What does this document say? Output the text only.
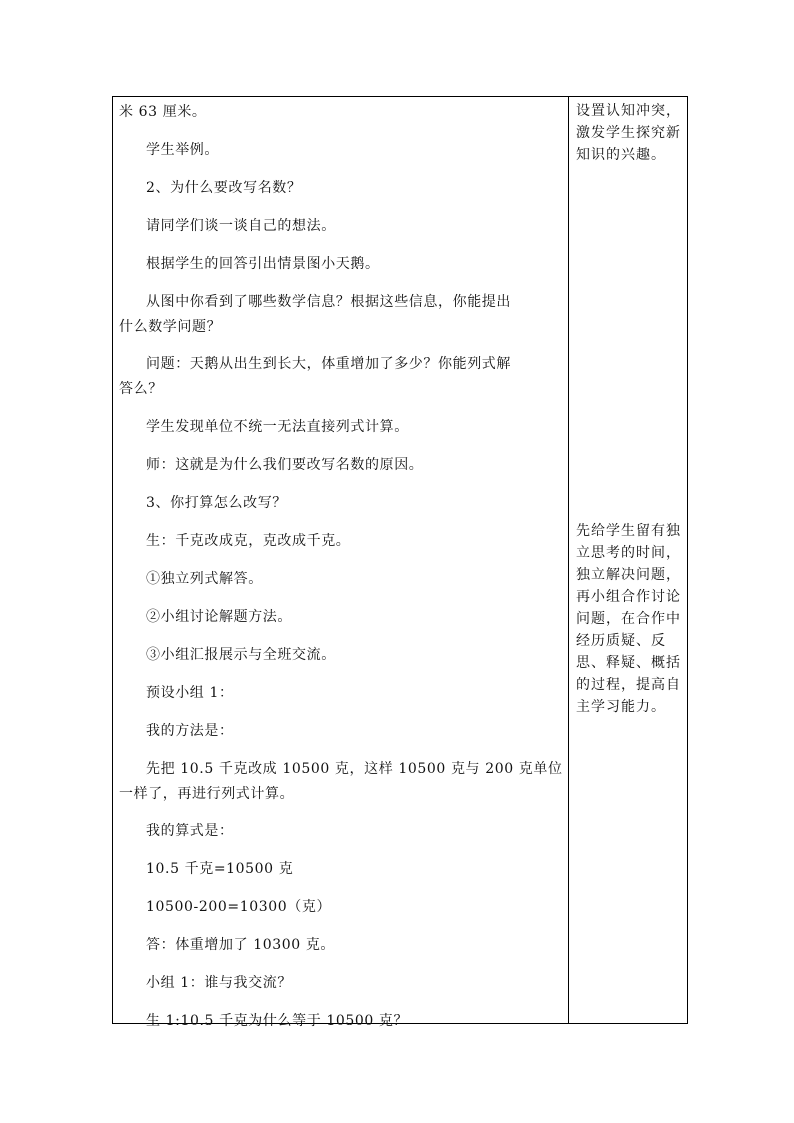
米 63 厘米。
学生举例。
2、为什么要改写名数？
请同学们谈一谈自己的想法。
根据学生的回答引出情景图小天鹅。
从图中你看到了哪些数学信息？根据这些信息，你能提出
什么数学问题？
问题：天鹅从出生到长大，体重增加了多少？你能列式解
答么？
学生发现单位不统一无法直接列式计算。
师：这就是为什么我们要改写名数的原因。
3、你打算怎么改写？
生：千克改成克，克改成千克。
①独立列式解答。
②小组讨论解题方法。
③小组汇报展示与全班交流。
预设小组 1：
我的方法是：
先把 10.5 千克改成 10500 克，这样 10500 克与 200 克单位
一样了，再进行列式计算。
我的算式是：
10.5 千克=10500 克
10500-200=10300（克）
答：体重增加了 10300 克。
小组 1：谁与我交流？
生 1:10.5 千克为什么等于 10500 克？
设置认知冲突，激发学生探究新知识的兴趣。
先给学生留有独立思考的时间，独立解决问题，再小组合作讨论问题，在合作中经历质疑、反思、释疑、概括的过程，提高自主学习能力。
